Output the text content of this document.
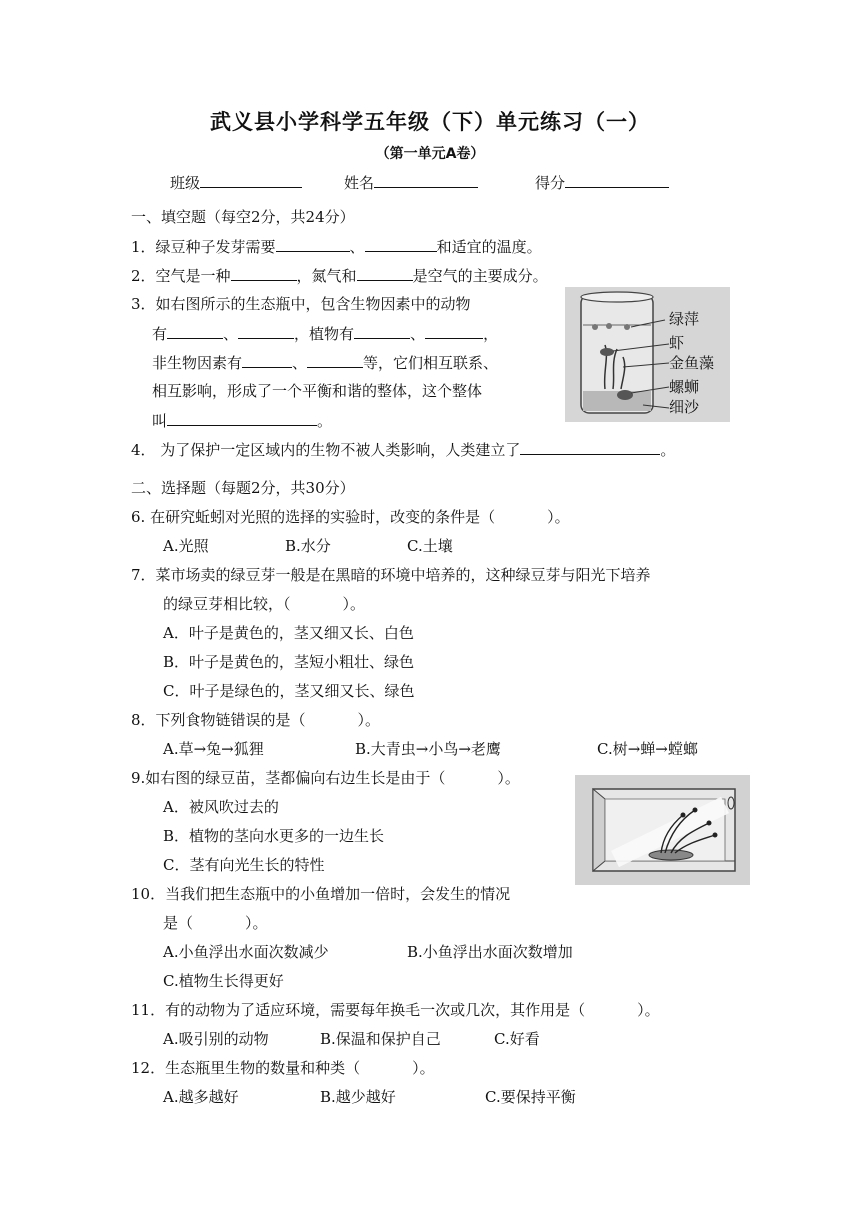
武义县小学科学五年级（下）单元练习（一）
（第一单元A卷）
班级	姓名	得分
一、填空题（每空2分，共24分）
1．绿豆种子发芽需要	、	和适宜的温度。
2．空气是一种	，氮气和	是空气的主要成分。
3．如右图所示的生态瓶中，包含生物因素中的动物
有	、	，植物有	、	，
非生物因素有	、	等，它们相互联系、
相互影响，形成了一个平衡和谐的整体，这个整体
叫	。
绿萍
虾
金鱼藻
螺蛳
细沙
4． 为了保护一定区域内的生物不被人类影响，人类建立了	。
二、选择题（每题2分，共30分）
6. 在研究蚯蚓对光照的选择的实验时，改变的条件是（	）。
A.光照	B.水分	C.土壤
7．菜市场卖的绿豆芽一般是在黑暗的环境中培养的，这种绿豆芽与阳光下培养
的绿豆芽相比较，（	）。
A．叶子是黄色的，茎又细又长、白色
B．叶子是黄色的，茎短小粗壮、绿色
C．叶子是绿色的，茎又细又长、绿色
8．下列食物链错误的是（	）。
A.草→兔→狐狸	B.大青虫→小鸟→老鹰	C.树→蝉→螳螂
9.如右图的绿豆苗，茎都偏向右边生长是由于（	）。
A．被风吹过去的
B．植物的茎向水更多的一边生长
C．茎有向光生长的特性
10．当我们把生态瓶中的小鱼增加一倍时，会发生的情况
是（	）。
A.小鱼浮出水面次数减少	B.小鱼浮出水面次数增加
C.植物生长得更好
11．有的动物为了适应环境，需要每年换毛一次或几次，其作用是（	）。
A.吸引别的动物	B.保温和保护自己	C.好看
12．生态瓶里生物的数量和种类（	）。
A.越多越好	B.越少越好	C.要保持平衡
